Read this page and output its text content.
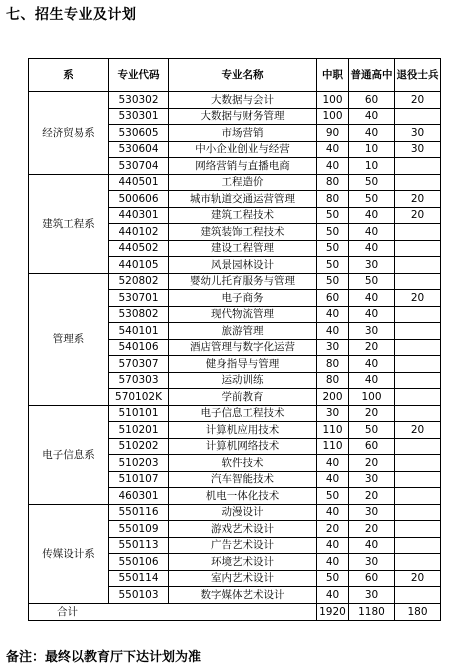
七、招生专业及计划
系	专业代码	专业名称	中职	普通高中	退役士兵
经济贸易系	530302	大数据与会计	100	60	20
	530301	大数据与财务管理	100	40	
	530605	市场营销	90	40	30
	530604	中小企业创业与经营	40	10	30
	530704	网络营销与直播电商	40	10	
建筑工程系	440501	工程造价	80	50	
	500606	城市轨道交通运营管理	80	50	20
	440301	建筑工程技术	50	40	20
	440102	建筑装饰工程技术	50	40	
	440502	建设工程管理	50	40	
	440105	风景园林设计	50	30	
管理系	520802	婴幼儿托育服务与管理	50	50	
	530701	电子商务	60	40	20
	530802	现代物流管理	40	40	
	540101	旅游管理	40	30	
	540106	酒店管理与数字化运营	30	20	
	570307	健身指导与管理	80	40	
	570303	运动训练	80	40	
	570102K	学前教育	200	100	
电子信息系	510101	电子信息工程技术	30	20	
	510201	计算机应用技术	110	50	20
	510202	计算机网络技术	110	60	
	510203	软件技术	40	20	
	510107	汽车智能技术	40	30	
	460301	机电一体化技术	50	20	
传媒设计系	550116	动漫设计	40	30	
	550109	游戏艺术设计	20	20	
	550113	广告艺术设计	40	40	
	550106	环境艺术设计	40	30	
	550114	室内艺术设计	50	60	20
	550103	数字媒体艺术设计	40	30	
合计			1920	1180	180
备注：最终以教育厅下达计划为准
